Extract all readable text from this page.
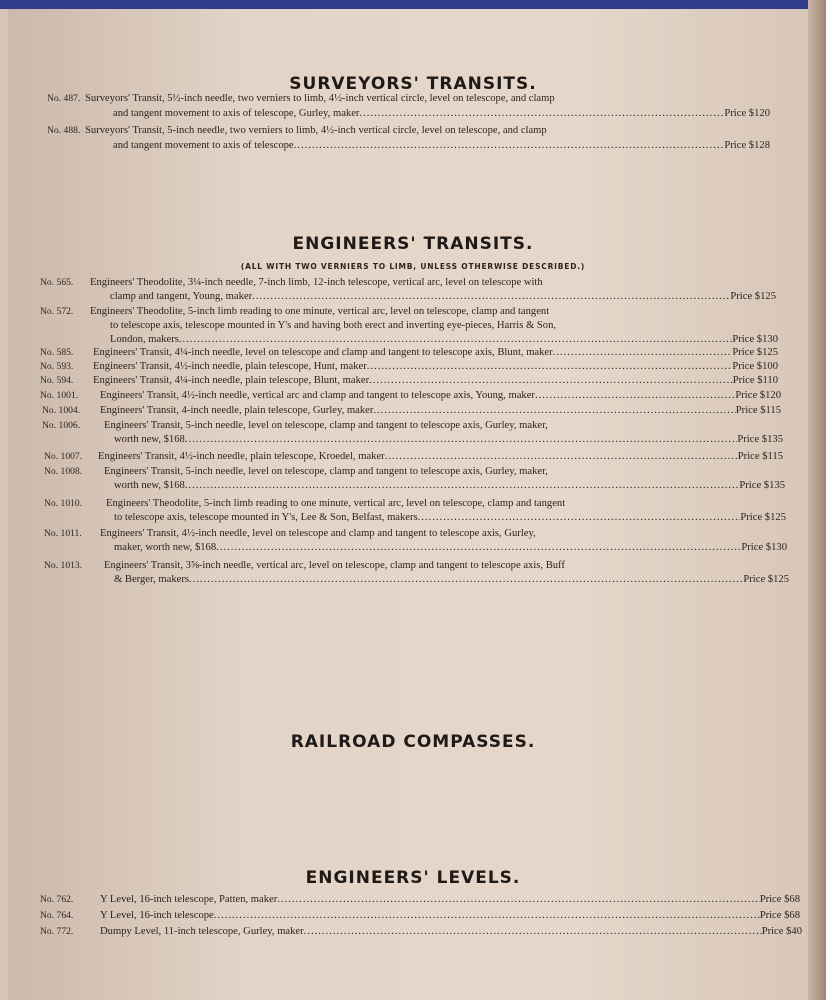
SURVEYORS' TRANSITS.
No. 487. Surveyors' Transit, 5½-inch needle, two verniers to limb, 4½-inch vertical circle, level on telescope, and clamp
and tangent movement to axis of telescope, Gurley, maker .....	Price $120
No. 488. Surveyors' Transit, 5-inch needle, two verniers to limb, 4½-inch vertical circle, level on telescope, and clamp
and tangent movement to axis of telescope .....	Price $128
ENGINEERS' TRANSITS.
(ALL WITH TWO VERNIERS TO LIMB, UNLESS OTHERWISE DESCRIBED.)
No. 565.	Engineers' Theodolite, 3¼-inch needle, 7-inch limb, 12-inch telescope, vertical arc, level on telescope with
clamp and tangent, Young, maker .....	Price $125
No. 572.	Engineers' Theodolite, 5-inch limb reading to one minute, vertical arc, level on telescope, clamp and tangent
to telescope axis, telescope mounted in Y's and having both erect and inverting eye-pieces, Harris & Son,
London, makers .....	Price $130
No. 585.	Engineers' Transit, 4¼-inch needle, level on telescope and clamp and tangent to telescope axis, Blunt, maker .....	Price $125
No. 593.	Engineers' Transit, 4½-inch needle, plain telescope, Hunt, maker .....	Price $100
No. 594.	Engineers' Transit, 4¼-inch needle, plain telescope, Blunt, maker .....	Price $110
No. 1001.	Engineers' Transit, 4½-inch needle, vertical arc and clamp and tangent to telescope axis, Young, maker .....	Price $120
No. 1004.	Engineers' Transit, 4-inch needle, plain telescope, Gurley, maker .....	Price $115
No. 1006.	Engineers' Transit, 5-inch needle, level on telescope, clamp and tangent to telescope axis, Gurley, maker,
worth new, $168 .....	Price $135
No. 1007.	Engineers' Transit, 4½-inch needle, plain telescope, Kroedel, maker .....	Price $115
No. 1008.	Engineers' Transit, 5-inch needle, level on telescope, clamp and tangent to telescope axis, Gurley, maker,
worth new, $168 .....	Price $135
No. 1010.	Engineers' Theodolite, 5-inch limb reading to one minute, vertical arc, level on telescope, clamp and tangent
to telescope axis, telescope mounted in Y's, Lee & Son, Belfast, makers .....	Price $125
No. 1011.	Engineers' Transit, 4½-inch needle, level on telescope and clamp and tangent to telescope axis, Gurley,
maker, worth new, $168 .....	Price $130
No. 1013.	Engineers' Transit, 3⅝-inch needle, vertical arc, level on telescope, clamp and tangent to telescope axis, Buff
& Berger, makers .....	Price $125
RAILROAD COMPASSES.
ENGINEERS' LEVELS.
No. 762.	Y Level, 16-inch telescope, Patten, maker .....	Price $68
No. 764.	Y Level, 16-inch telescope .....	Price $68
No. 772.	Dumpy Level, 11-inch telescope, Gurley, maker .....	Price $40
